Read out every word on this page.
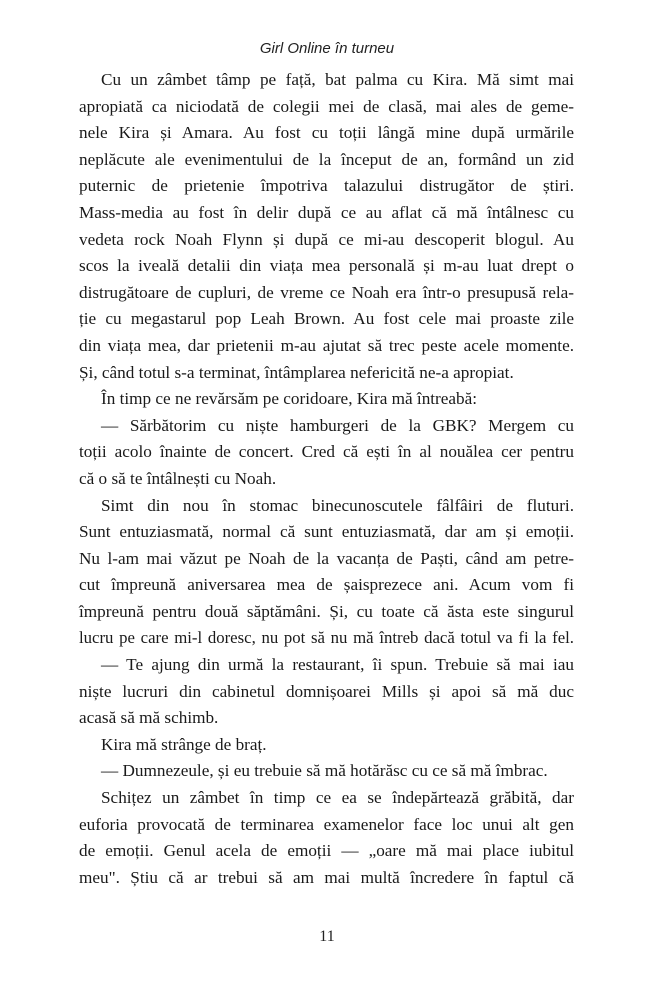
Girl Online în turneu
Cu un zâmbet tâmp pe față, bat palma cu Kira. Mă simt mai
apropiată ca niciodată de colegii mei de clasă, mai ales de geme-
nele Kira și Amara. Au fost cu toții lângă mine după urmările
neplăcute ale evenimentului de la început de an, formând un zid
puternic de prietenie împotriva talazului distrugător de știri.
Mass-media au fost în delir după ce au aflat că mă întâlnesc cu
vedeta rock Noah Flynn și după ce mi-au descoperit blogul. Au
scos la iveală detalii din viața mea personală și m-au luat drept o
distrugătoare de cupluri, de vreme ce Noah era într-o presupusă rela-
ție cu megastarul pop Leah Brown. Au fost cele mai proaste zile
din viața mea, dar prietenii m-au ajutat să trec peste acele momente.
Și, când totul s-a terminat, întâmplarea nefericită ne-a apropiat.
În timp ce ne revărsăm pe coridoare, Kira mă întreabă:
— Sărbătorim cu niște hamburgeri de la GBK? Mergem cu
toții acolo înainte de concert. Cred că ești în al nouălea cer pentru
că o să te întâlnești cu Noah.
Simt din nou în stomac binecunoscutele fâlfâiri de fluturi.
Sunt entuziasmată, normal că sunt entuziasmată, dar am și emoții.
Nu l-am mai văzut pe Noah de la vacanța de Paști, când am petre-
cut împreună aniversarea mea de șaisprezece ani. Acum vom fi
împreună pentru două săptămâni. Și, cu toate că ăsta este singurul
lucru pe care mi-l doresc, nu pot să nu mă întreb dacă totul va fi la fel.
— Te ajung din urmă la restaurant, îi spun. Trebuie să mai iau
niște lucruri din cabinetul domnișoarei Mills și apoi să mă duc
acasă să mă schimb.
Kira mă strânge de braț.
— Dumnezeule, și eu trebuie să mă hotărăsc cu ce să mă îmbrac.
Schițez un zâmbet în timp ce ea se îndepărtează grăbită, dar
euforia provocată de terminarea examenelor face loc unui alt gen
de emoții. Genul acela de emoții — „oare mă mai place iubitul
meu". Știu că ar trebui să am mai multă încredere în faptul că
11
